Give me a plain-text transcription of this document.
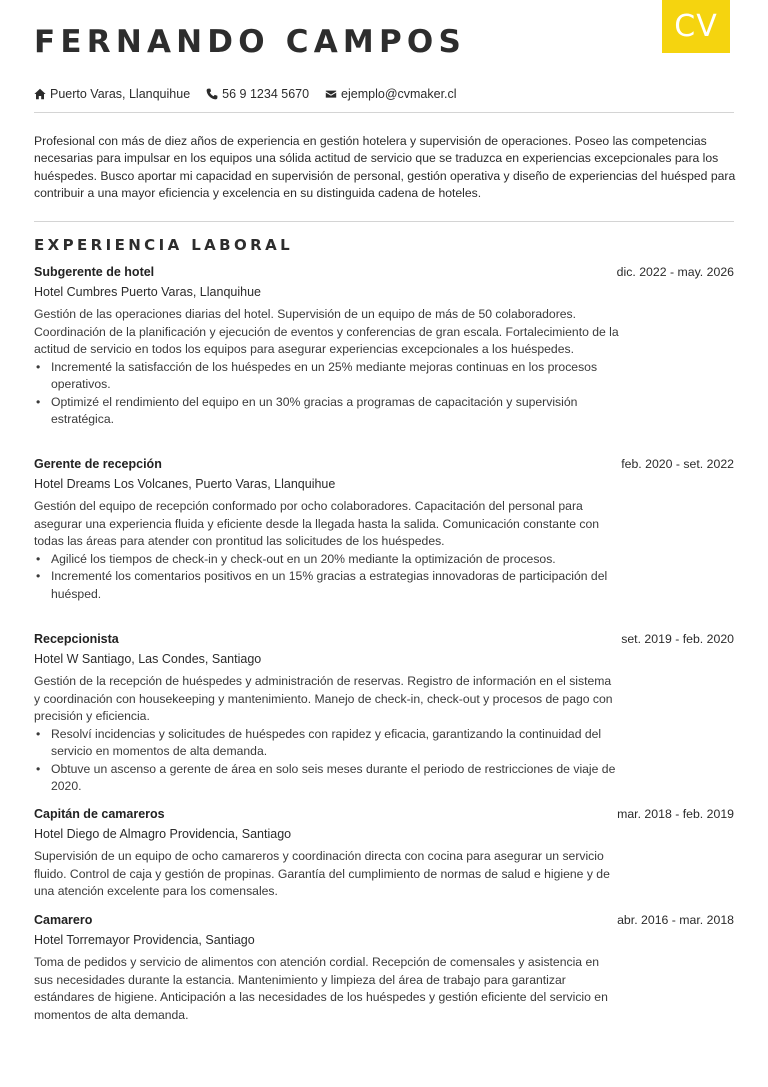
CV
FERNANDO CAMPOS
Puerto Varas, Llanquihue	56 9 1234 5670	ejemplo@cvmaker.cl

Profesional con más de diez años de experiencia en gestión hotelera y supervisión de operaciones. Poseo las competencias necesarias para impulsar en los equipos una sólida actitud de servicio que se traduzca en experiencias excepcionales para los huéspedes. Busco aportar mi capacidad en supervisión de personal, gestión operativa y diseño de experiencias del huésped para contribuir a una mayor eficiencia y excelencia en su distinguida cadena de hoteles.

EXPERIENCIA LABORAL
Subgerente de hotel	dic. 2022 - may. 2026
Hotel Cumbres Puerto Varas, Llanquihue

Gestión de las operaciones diarias del hotel. Supervisión de un equipo de más de 50 colaboradores. Coordinación de la planificación y ejecución de eventos y conferencias de gran escala. Fortalecimiento de la actitud de servicio en todos los equipos para asegurar experiencias excepcionales a los huéspedes.

• Incrementé la satisfacción de los huéspedes en un 25% mediante mejoras continuas en los procesos operativos.
• Optimizé el rendimiento del equipo en un 30% gracias a programas de capacitación y supervisión estratégica.
Gerente de recepción	feb. 2020 - set. 2022
Hotel Dreams Los Volcanes, Puerto Varas, Llanquihue

Gestión del equipo de recepción conformado por ocho colaboradores. Capacitación del personal para asegurar una experiencia fluida y eficiente desde la llegada hasta la salida. Comunicación constante con todas las áreas para atender con prontitud las solicitudes de los huéspedes.

• Agilicé los tiempos de check-in y check-out en un 20% mediante la optimización de procesos.
• Incrementé los comentarios positivos en un 15% gracias a estrategias innovadoras de participación del huésped.
Recepcionista	set. 2019 - feb. 2020
Hotel W Santiago, Las Condes, Santiago

Gestión de la recepción de huéspedes y administración de reservas. Registro de información en el sistema y coordinación con housekeeping y mantenimiento. Manejo de check-in, check-out y procesos de pago con precisión y eficiencia.

• Resolví incidencias y solicitudes de huéspedes con rapidez y eficacia, garantizando la continuidad del servicio en momentos de alta demanda.
• Obtuve un ascenso a gerente de área en solo seis meses durante el periodo de restricciones de viaje de 2020.
Capitán de camareros	mar. 2018 - feb. 2019
Hotel Diego de Almagro Providencia, Santiago

Supervisión de un equipo de ocho camareros y coordinación directa con cocina para asegurar un servicio fluido. Control de caja y gestión de propinas. Garantía del cumplimiento de normas de salud e higiene y de una atención excelente para los comensales.

Camarero	abr. 2016 - mar. 2018
Hotel Torremayor Providencia, Santiago

Toma de pedidos y servicio de alimentos con atención cordial. Recepción de comensales y asistencia en sus necesidades durante la estancia. Mantenimiento y limpieza del área de trabajo para garantizar estándares de higiene. Anticipación a las necesidades de los huéspedes y gestión eficiente del servicio en momentos de alta demanda.
